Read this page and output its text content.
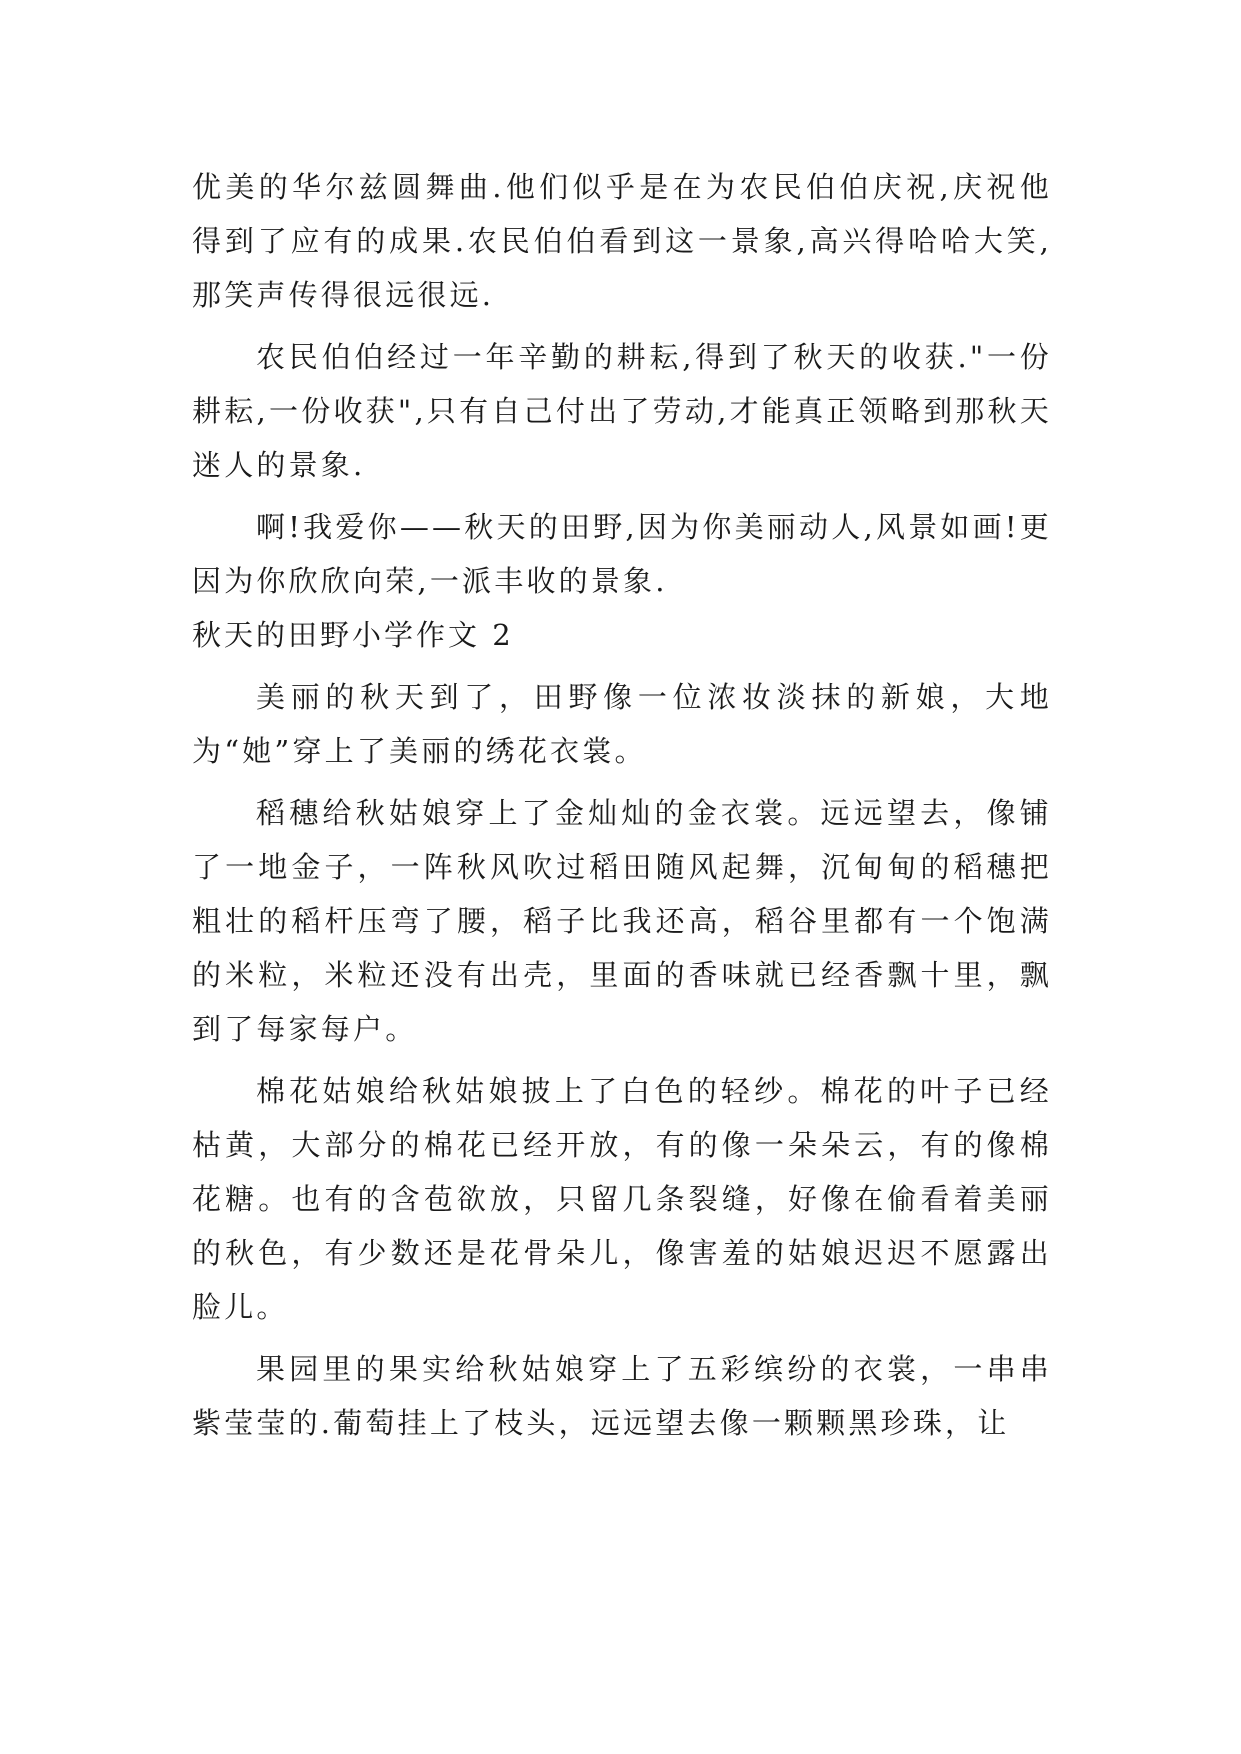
优美的华尔兹圆舞曲.他们似乎是在为农民伯伯庆祝,庆祝他得到了应有的成果.农民伯伯看到这一景象,高兴得哈哈大笑,那笑声传得很远很远.

农民伯伯经过一年辛勤的耕耘,得到了秋天的收获."一份耕耘,一份收获",只有自己付出了劳动,才能真正领略到那秋天迷人的景象.

啊!我爱你——秋天的田野,因为你美丽动人,风景如画!更因为你欣欣向荣,一派丰收的景象.

秋天的田野小学作文 2

美丽的秋天到了，田野像一位浓妆淡抹的新娘，大地为“她”穿上了美丽的绣花衣裳。

稻穗给秋姑娘穿上了金灿灿的金衣裳。远远望去，像铺了一地金子，一阵秋风吹过稻田随风起舞，沉甸甸的稻穗把粗壮的稻杆压弯了腰，稻子比我还高，稻谷里都有一个饱满的米粒，米粒还没有出壳，里面的香味就已经香飘十里，飘到了每家每户。

棉花姑娘给秋姑娘披上了白色的轻纱。棉花的叶子已经枯黄，大部分的棉花已经开放，有的像一朵朵云，有的像棉花糖。也有的含苞欲放，只留几条裂缝，好像在偷看着美丽的秋色，有少数还是花骨朵儿，像害羞的姑娘迟迟不愿露出脸儿。

果园里的果实给秋姑娘穿上了五彩缤纷的衣裳，一串串紫莹莹的.葡萄挂上了枝头，远远望去像一颗颗黑珍珠，让
